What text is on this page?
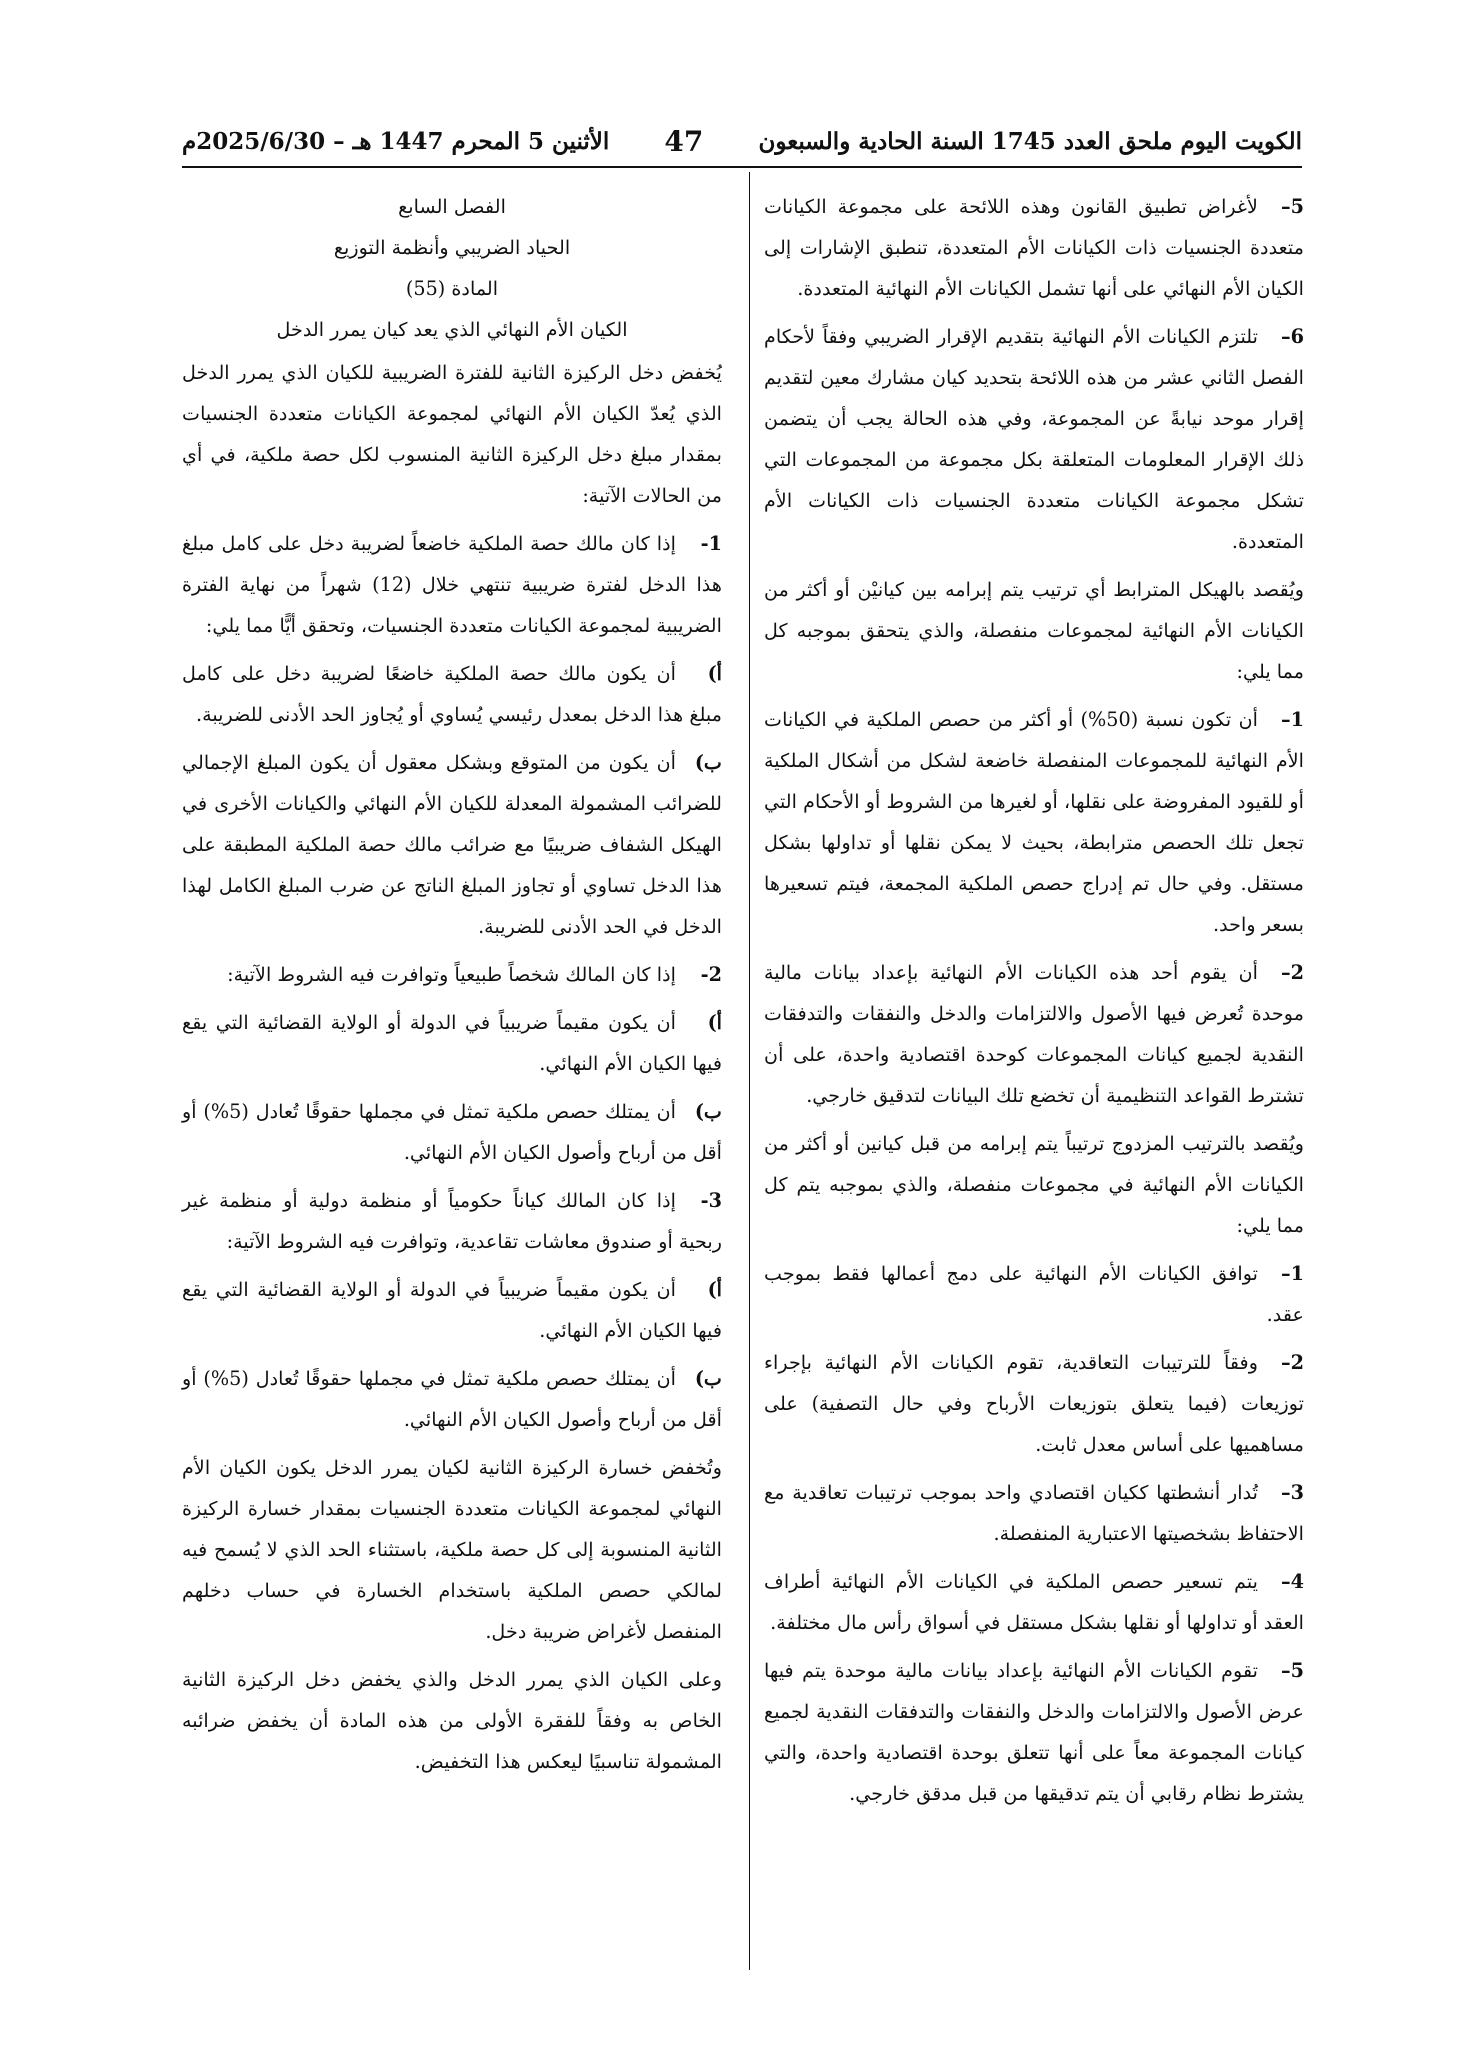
الكويت اليوم ملحق العدد 1745 السنة الحادية والسبعون
47
الأثنين 5 المحرم 1447 هـ – 2025/6/30م

5–لأغراض تطبيق القانون وهذه اللائحة على مجموعة الكيانات متعددة الجنسيات ذات الكيانات الأم المتعددة، تنطبق الإشارات إلى الكيان الأم النهائي على أنها تشمل الكيانات الأم النهائية المتعددة.

6–تلتزم الكيانات الأم النهائية بتقديم الإقرار الضريبي وفقاً لأحكام الفصل الثاني عشر من هذه اللائحة بتحديد كيان مشارك معين لتقديم إقرار موحد نيابةً عن المجموعة، وفي هذه الحالة يجب أن يتضمن ذلك الإقرار المعلومات المتعلقة بكل مجموعة من المجموعات التي تشكل مجموعة الكيانات متعددة الجنسيات ذات الكيانات الأم المتعددة.

ويُقصد بالهيكل المترابط أي ترتيب يتم إبرامه بين كيانيْن أو أكثر من الكيانات الأم النهائية لمجموعات منفصلة، والذي يتحقق بموجبه كل مما يلي:

1–أن تكون نسبة (50%) أو أكثر من حصص الملكية في الكيانات الأم النهائية للمجموعات المنفصلة خاضعة لشكل من أشكال الملكية أو للقيود المفروضة على نقلها، أو لغيرها من الشروط أو الأحكام التي تجعل تلك الحصص مترابطة، بحيث لا يمكن نقلها أو تداولها بشكل مستقل. وفي حال تم إدراج حصص الملكية المجمعة، فيتم تسعيرها بسعر واحد.

2–أن يقوم أحد هذه الكيانات الأم النهائية بإعداد بيانات مالية موحدة تُعرض فيها الأصول والالتزامات والدخل والنفقات والتدفقات النقدية لجميع كيانات المجموعات كوحدة اقتصادية واحدة، على أن تشترط القواعد التنظيمية أن تخضع تلك البيانات لتدقيق خارجي.

ويُقصد بالترتيب المزدوج ترتيباً يتم إبرامه من قبل كيانين أو أكثر من الكيانات الأم النهائية في مجموعات منفصلة، والذي بموجبه يتم كل مما يلي:

1–توافق الكيانات الأم النهائية على دمج أعمالها فقط بموجب عقد.

2–وفقاً للترتيبات التعاقدية، تقوم الكيانات الأم النهائية بإجراء توزيعات (فيما يتعلق بتوزيعات الأرباح وفي حال التصفية) على مساهميها على أساس معدل ثابت.

3–تُدار أنشطتها ككيان اقتصادي واحد بموجب ترتيبات تعاقدية مع الاحتفاظ بشخصيتها الاعتبارية المنفصلة.

4–يتم تسعير حصص الملكية في الكيانات الأم النهائية أطراف العقد أو تداولها أو نقلها بشكل مستقل في أسواق رأس مال مختلفة.

5–تقوم الكيانات الأم النهائية بإعداد بيانات مالية موحدة يتم فيها عرض الأصول والالتزامات والدخل والنفقات والتدفقات النقدية لجميع كيانات المجموعة معاً على أنها تتعلق بوحدة اقتصادية واحدة، والتي يشترط نظام رقابي أن يتم تدقيقها من قبل مدقق خارجي.

الفصل السابع

الحياد الضريبي وأنظمة التوزيع

المادة (55)

الكيان الأم النهائي الذي يعد كيان يمرر الدخل

يُخفض دخل الركيزة الثانية للفترة الضريبية للكيان الذي يمرر الدخل الذي يُعدّ الكيان الأم النهائي لمجموعة الكيانات متعددة الجنسيات بمقدار مبلغ دخل الركيزة الثانية المنسوب لكل حصة ملكية، في أي من الحالات الآتية:

1-إذا كان مالك حصة الملكية خاضعاً لضريبة دخل على كامل مبلغ هذا الدخل لفترة ضريبية تنتهي خلال (12) شهراً من نهاية الفترة الضريبية لمجموعة الكيانات متعددة الجنسيات، وتحقق أيًّا مما يلي:

أ)أن يكون مالك حصة الملكية خاضعًا لضريبة دخل على كامل مبلغ هذا الدخل بمعدل رئيسي يُساوي أو يُجاوز الحد الأدنى للضريبة.

ب)أن يكون من المتوقع وبشكل معقول أن يكون المبلغ الإجمالي للضرائب المشمولة المعدلة للكيان الأم النهائي والكيانات الأخرى في الهيكل الشفاف ضريبيًا مع ضرائب مالك حصة الملكية المطبقة على هذا الدخل تساوي أو تجاوز المبلغ الناتج عن ضرب المبلغ الكامل لهذا الدخل في الحد الأدنى للضريبة.

2-إذا كان المالك شخصاً طبيعياً وتوافرت فيه الشروط الآتية:

أ)أن يكون مقيماً ضريبياً في الدولة أو الولاية القضائية التي يقع فيها الكيان الأم النهائي.

ب)أن يمتلك حصص ملكية تمثل في مجملها حقوقًا تُعادل (5%) أو أقل من أرباح وأصول الكيان الأم النهائي.

3-إذا كان المالك كياناً حكومياً أو منظمة دولية أو منظمة غير ربحية أو صندوق معاشات تقاعدية، وتوافرت فيه الشروط الآتية:

أ)أن يكون مقيماً ضريبياً في الدولة أو الولاية القضائية التي يقع فيها الكيان الأم النهائي.

ب)أن يمتلك حصص ملكية تمثل في مجملها حقوقًا تُعادل (5%) أو أقل من أرباح وأصول الكيان الأم النهائي.

وتُخفض خسارة الركيزة الثانية لكيان يمرر الدخل يكون الكيان الأم النهائي لمجموعة الكيانات متعددة الجنسيات بمقدار خسارة الركيزة الثانية المنسوبة إلى كل حصة ملكية، باستثناء الحد الذي لا يُسمح فيه لمالكي حصص الملكية باستخدام الخسارة في حساب دخلهم المنفصل لأغراض ضريبة دخل.

وعلى الكيان الذي يمرر الدخل والذي يخفض دخل الركيزة الثانية الخاص به وفقاً للفقرة الأولى من هذه المادة أن يخفض ضرائبه المشمولة تناسبيًا ليعكس هذا التخفيض.
